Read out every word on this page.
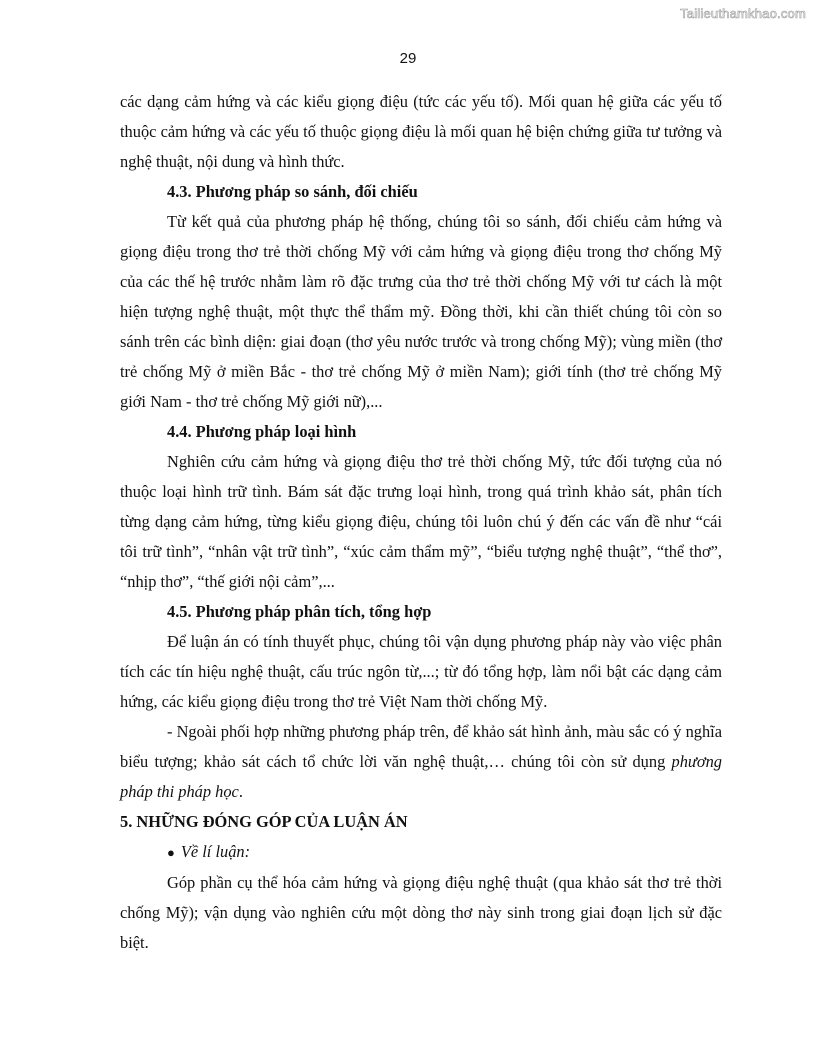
Tailieuthamkhao.com
29

các dạng cảm hứng và các kiểu giọng điệu (tức các yếu tố). Mối quan hệ giữa các yếu tố thuộc cảm hứng và các yếu tố thuộc giọng điệu là mối quan hệ biện chứng giữa tư tưởng và nghệ thuật, nội dung và hình thức.

4.3. Phương pháp so sánh, đối chiếu

Từ kết quả của phương pháp hệ thống, chúng tôi so sánh, đối chiếu cảm hứng và giọng điệu trong thơ trẻ thời chống Mỹ với cảm hứng và giọng điệu trong thơ chống Mỹ của các thế hệ trước nhằm làm rõ đặc trưng của thơ trẻ thời chống Mỹ với tư cách là một hiện tượng nghệ thuật, một thực thể thẩm mỹ. Đồng thời, khi cần thiết chúng tôi còn so sánh trên các bình diện: giai đoạn (thơ yêu nước trước và trong chống Mỹ); vùng miền (thơ trẻ chống Mỹ ở miền Bắc - thơ trẻ chống Mỹ ở miền Nam); giới tính (thơ trẻ chống Mỹ giới Nam - thơ trẻ chống Mỹ giới nữ),...

4.4. Phương pháp loại hình

Nghiên cứu cảm hứng và giọng điệu thơ trẻ thời chống Mỹ, tức đối tượng của nó thuộc loại hình trữ tình. Bám sát đặc trưng loại hình, trong quá trình khảo sát, phân tích từng dạng cảm hứng, từng kiểu giọng điệu, chúng tôi luôn chú ý đến các vấn đề như “cái tôi trữ tình”, “nhân vật trữ tình”, “xúc cảm thẩm mỹ”, “biểu tượng nghệ thuật”, “thể thơ”, “nhịp thơ”, “thế giới nội cảm”,...

4.5. Phương pháp phân tích, tổng hợp

Để luận án có tính thuyết phục, chúng tôi vận dụng phương pháp này vào việc phân tích các tín hiệu nghệ thuật, cấu trúc ngôn từ,...; từ đó tổng hợp, làm nổi bật các dạng cảm hứng, các kiểu giọng điệu trong thơ trẻ Việt Nam thời chống Mỹ.

- Ngoài phối hợp những phương pháp trên, để khảo sát hình ảnh, màu sắc có ý nghĩa biểu tượng; khảo sát cách tổ chức lời văn nghệ thuật,… chúng tôi còn sử dụng phương pháp thi pháp học.

5. NHỮNG ĐÓNG GÓP CỦA LUẬN ÁN

● Về lí luận:

Góp phần cụ thể hóa cảm hứng và giọng điệu nghệ thuật (qua khảo sát thơ trẻ thời chống Mỹ); vận dụng vào nghiên cứu một dòng thơ này sinh trong giai đoạn lịch sử đặc biệt.
